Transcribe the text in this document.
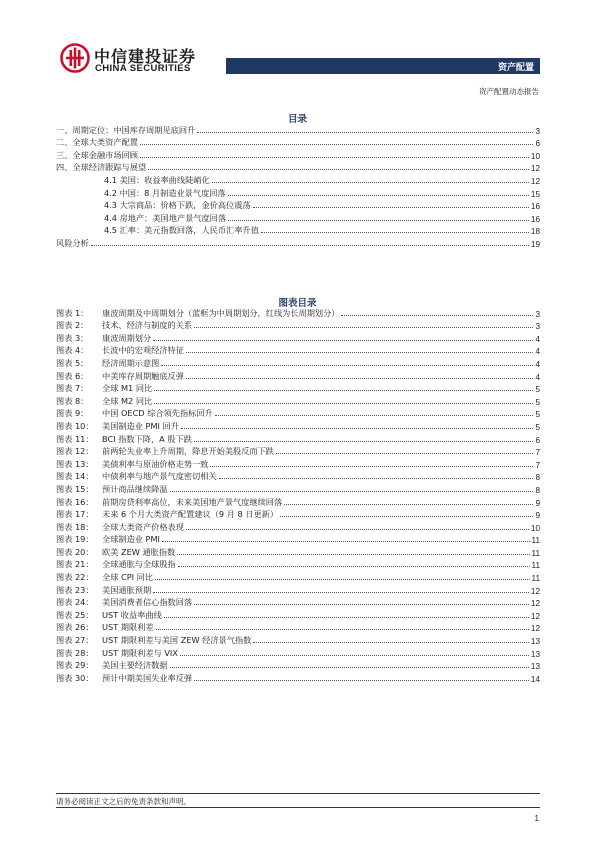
中信建投证券
CHINA SECURITIES	资产配置
资产配置动态报告
目录
一、周期定位：中国库存周期见底回升	3
二、全球大类资产配置	6
三、全球金融市场回顾	10
四、全球经济跟踪与展望	12
4.1 美国：收益率曲线陡峭化	12
4.2 中国：8 月制造业景气度回落	15
4.3 大宗商品：价格下跌，金价高位震荡	16
4.4 房地产：美国地产景气度回落	16
4.5 汇率：美元指数回落，人民币汇率升值	18
风险分析	19
图表目录
图表 1： 康波周期及中周期划分（蓝框为中周期划分，红线为长周期划分）	3
图表 2： 技术、经济与制度的关系	3
图表 3： 康波周期划分	4
图表 4： 长波中的宏观经济特征	4
图表 5： 经济周期示意图	4
图表 6： 中美库存周期触底反弹	4
图表 7： 全球 M1 同比	5
图表 8： 全球 M2 同比	5
图表 9： 中国 OECD 综合领先指标回升	5
图表 10： 美国制造业 PMI 回升	5
图表 11： BCI 指数下降，A 股下跌	6
图表 12： 前两轮失业率上升周期，降息开始美股反而下跌	7
图表 13： 美债利率与原油价格走势一致	7
图表 14： 中债利率与地产景气度密切相关	8
图表 15： 预计商品继续降温	8
图表 16： 前期房贷利率高位，未来美国地产景气度继续回落	9
图表 17： 未来 6 个月大类资产配置建议（9 月 8 日更新）	9
图表 18： 全球大类资产价格表现	10
图表 19： 全球制造业 PMI	11
图表 20： 欧美 ZEW 通胀指数	11
图表 21： 全球通胀与全球股指	11
图表 22： 全球 CPI 同比	11
图表 23： 美国通胀预期	12
图表 24： 美国消费者信心指数回落	12
图表 25： UST 收益率曲线	12
图表 26： UST 期限利差	12
图表 27： UST 期限利差与美国 ZEW 经济景气指数	13
图表 28： UST 期限利差与 VIX	13
图表 29： 美国主要经济数据	13
图表 30： 预计中期美国失业率反弹	14
请务必阅读正文之后的免责条款和声明。
1
